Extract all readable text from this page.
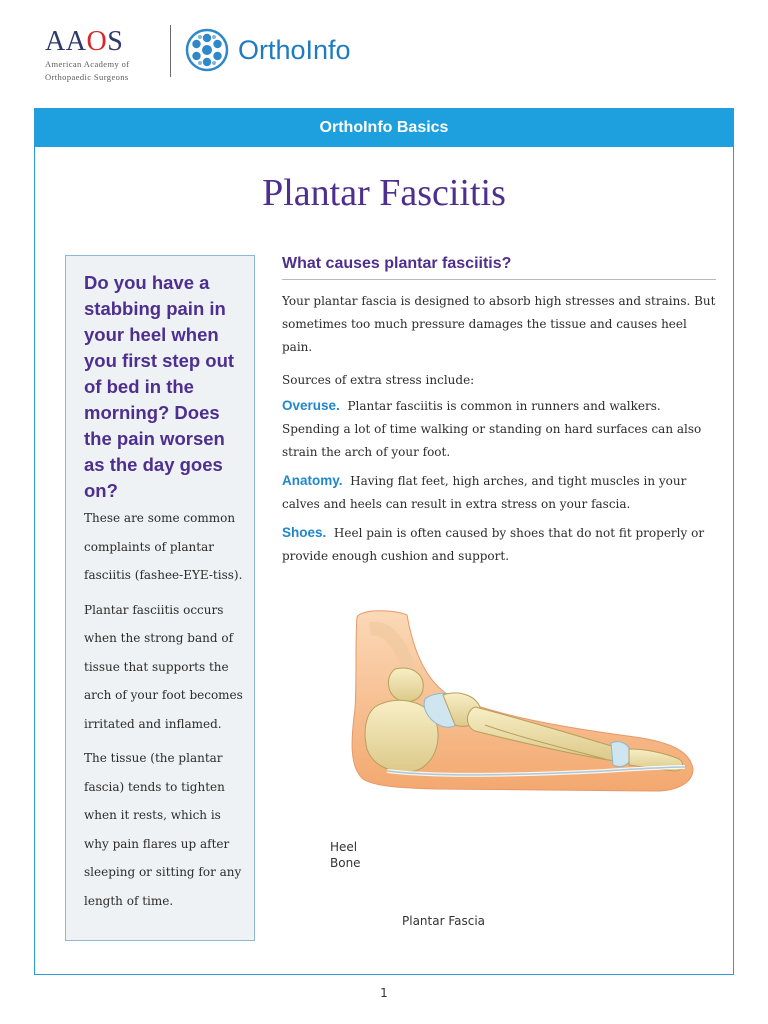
AAOS
American Academy of
Orthopaedic Surgeons
OrthoInfo
OrthoInfo Basics
Plantar Fasciitis

Do you have a stabbing pain in your heel when you first step out of bed in the morning? Does the pain worsen as the day goes on?

These are some common complaints of plantar fasciitis (fashee-EYE-tiss).

Plantar fasciitis occurs when the strong band of tissue that supports the arch of your foot becomes irritated and inflamed.

The tissue (the plantar fascia) tends to tighten when it rests, which is why pain flares up after sleeping or sitting for any length of time.

What causes plantar fasciitis?

Your plantar fascia is designed to absorb high stresses and strains. But sometimes too much pressure damages the tissue and causes heel pain.

Sources of extra stress include:

Overuse. Plantar fasciitis is common in runners and walkers. Spending a lot of time walking or standing on hard surfaces can also strain the arch of your foot.

Anatomy. Having flat feet, high arches, and tight muscles in your calves and heels can result in extra stress on your fascia.

Shoes. Heel pain is often caused by shoes that do not fit properly or provide enough cushion and support.

Heel
Bone
Plantar Fascia
1
